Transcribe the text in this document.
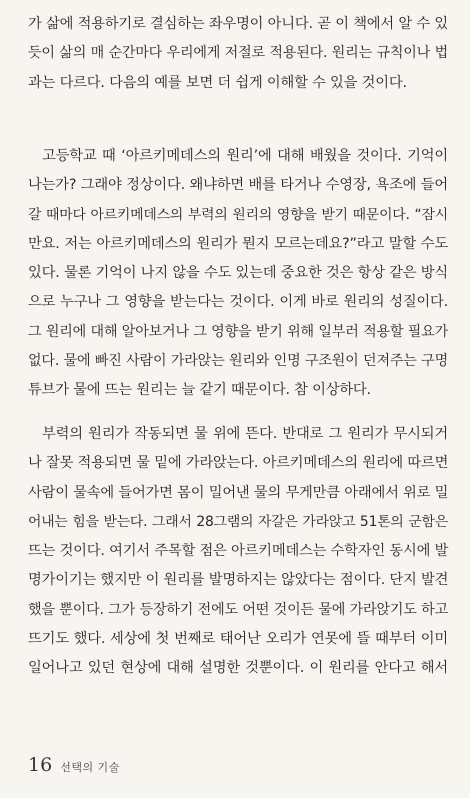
가 삶에 적용하기로 결심하는 좌우명이 아니다. 곧 이 책에서 알 수 있
듯이 삶의 매 순간마다 우리에게 저절로 적용된다. 원리는 규칙이나 법
과는 다르다. 다음의 예를 보면 더 쉽게 이해할 수 있을 것이다.
고등학교 때 ‘아르키메데스의 원리’에 대해 배웠을 것이다. 기억이
나는가? 그래야 정상이다. 왜냐하면 배를 타거나 수영장, 욕조에 들어
갈 때마다 아르키메데스의 부력의 원리의 영향을 받기 때문이다. “잠시
만요. 저는 아르키메데스의 원리가 뭔지 모르는데요?”라고 말할 수도
있다. 물론 기억이 나지 않을 수도 있는데 중요한 것은 항상 같은 방식
으로 누구나 그 영향을 받는다는 것이다. 이게 바로 원리의 성질이다.
그 원리에 대해 알아보거나 그 영향을 받기 위해 일부러 적용할 필요가
없다. 물에 빠진 사람이 가라앉는 원리와 인명 구조원이 던져주는 구명
튜브가 물에 뜨는 원리는 늘 같기 때문이다. 참 이상하다.
부력의 원리가 작동되면 물 위에 뜬다. 반대로 그 원리가 무시되거
나 잘못 적용되면 물 밑에 가라앉는다. 아르키메데스의 원리에 따르면
사람이 물속에 들어가면 몸이 밀어낸 물의 무게만큼 아래에서 위로 밀
어내는 힘을 받는다. 그래서 28그램의 자갈은 가라앉고 51톤의 군함은
뜨는 것이다. 여기서 주목할 점은 아르키메데스는 수학자인 동시에 발
명가이기는 했지만 이 원리를 발명하지는 않았다는 점이다. 단지 발견
했을 뿐이다. 그가 등장하기 전에도 어떤 것이든 물에 가라앉기도 하고
뜨기도 했다. 세상에 첫 번째로 태어난 오리가 연못에 뜰 때부터 이미
일어나고 있던 현상에 대해 설명한 것뿐이다. 이 원리를 안다고 해서
16 선택의 기술
